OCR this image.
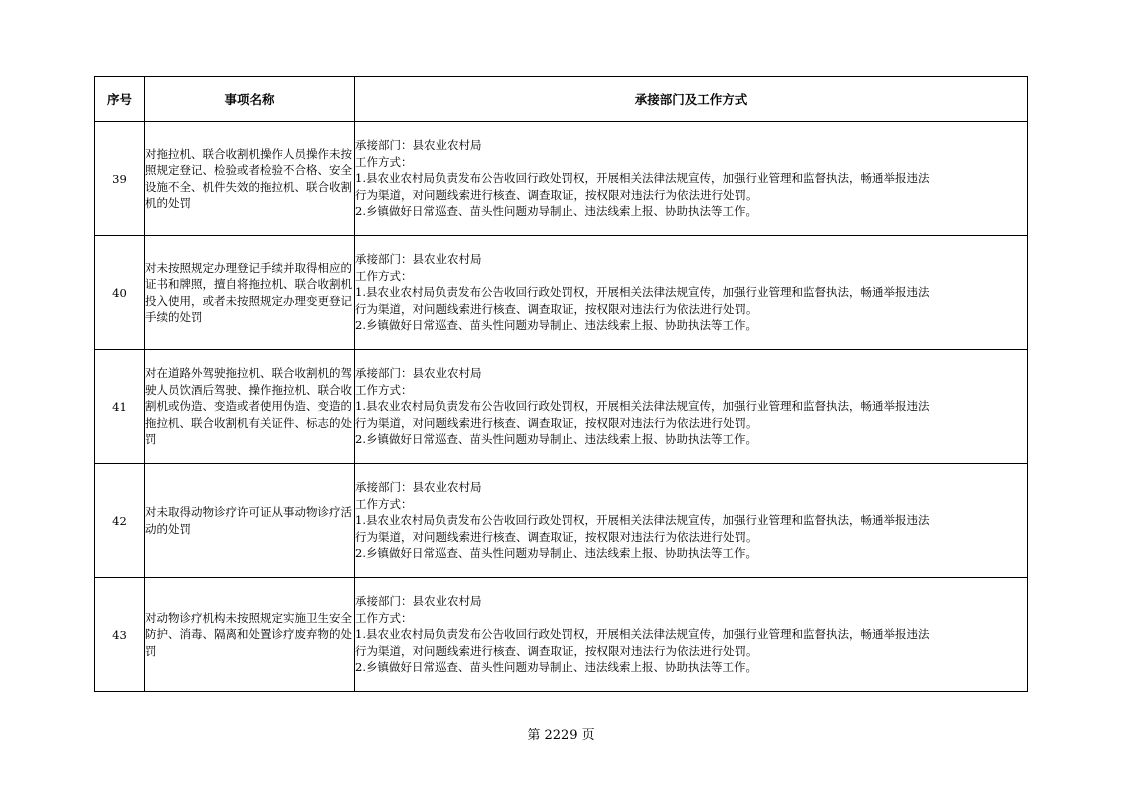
序号	事项名称	承接部门及工作方式
39	对拖拉机、联合收割机操作人员操作未按照规定登记、检验或者检验不合格、安全设施不全、机件失效的拖拉机、联合收割机的处罚	承接部门：县农业农村局
工作方式：
1.县农业农村局负责发布公告收回行政处罚权，开展相关法律法规宣传，加强行业管理和监督执法，畅通举报违法
行为渠道，对问题线索进行核查、调查取证，按权限对违法行为依法进行处罚。
2.乡镇做好日常巡查、苗头性问题劝导制止、违法线索上报、协助执法等工作。

40	对未按照规定办理登记手续并取得相应的证书和牌照，擅自将拖拉机、联合收割机投入使用，或者未按照规定办理变更登记手续的处罚	承接部门：县农业农村局
工作方式：
1.县农业农村局负责发布公告收回行政处罚权，开展相关法律法规宣传，加强行业管理和监督执法，畅通举报违法
行为渠道，对问题线索进行核查、调查取证，按权限对违法行为依法进行处罚。
2.乡镇做好日常巡查、苗头性问题劝导制止、违法线索上报、协助执法等工作。

41	对在道路外驾驶拖拉机、联合收割机的驾驶人员饮酒后驾驶、操作拖拉机、联合收割机或伪造、变造或者使用伪造、变造的拖拉机、联合收割机有关证件、标志的处罚	承接部门：县农业农村局
工作方式：
1.县农业农村局负责发布公告收回行政处罚权，开展相关法律法规宣传，加强行业管理和监督执法，畅通举报违法
行为渠道，对问题线索进行核查、调查取证，按权限对违法行为依法进行处罚。
2.乡镇做好日常巡查、苗头性问题劝导制止、违法线索上报、协助执法等工作。

42	对未取得动物诊疗许可证从事动物诊疗活动的处罚	承接部门：县农业农村局
工作方式：
1.县农业农村局负责发布公告收回行政处罚权，开展相关法律法规宣传，加强行业管理和监督执法，畅通举报违法
行为渠道，对问题线索进行核查、调查取证，按权限对违法行为依法进行处罚。
2.乡镇做好日常巡查、苗头性问题劝导制止、违法线索上报、协助执法等工作。

43	对动物诊疗机构未按照规定实施卫生安全防护、消毒、隔离和处置诊疗废弃物的处罚	承接部门：县农业农村局
工作方式：
1.县农业农村局负责发布公告收回行政处罚权，开展相关法律法规宣传，加强行业管理和监督执法，畅通举报违法
行为渠道，对问题线索进行核查、调查取证，按权限对违法行为依法进行处罚。
2.乡镇做好日常巡查、苗头性问题劝导制止、违法线索上报、协助执法等工作。
第 2229 页
